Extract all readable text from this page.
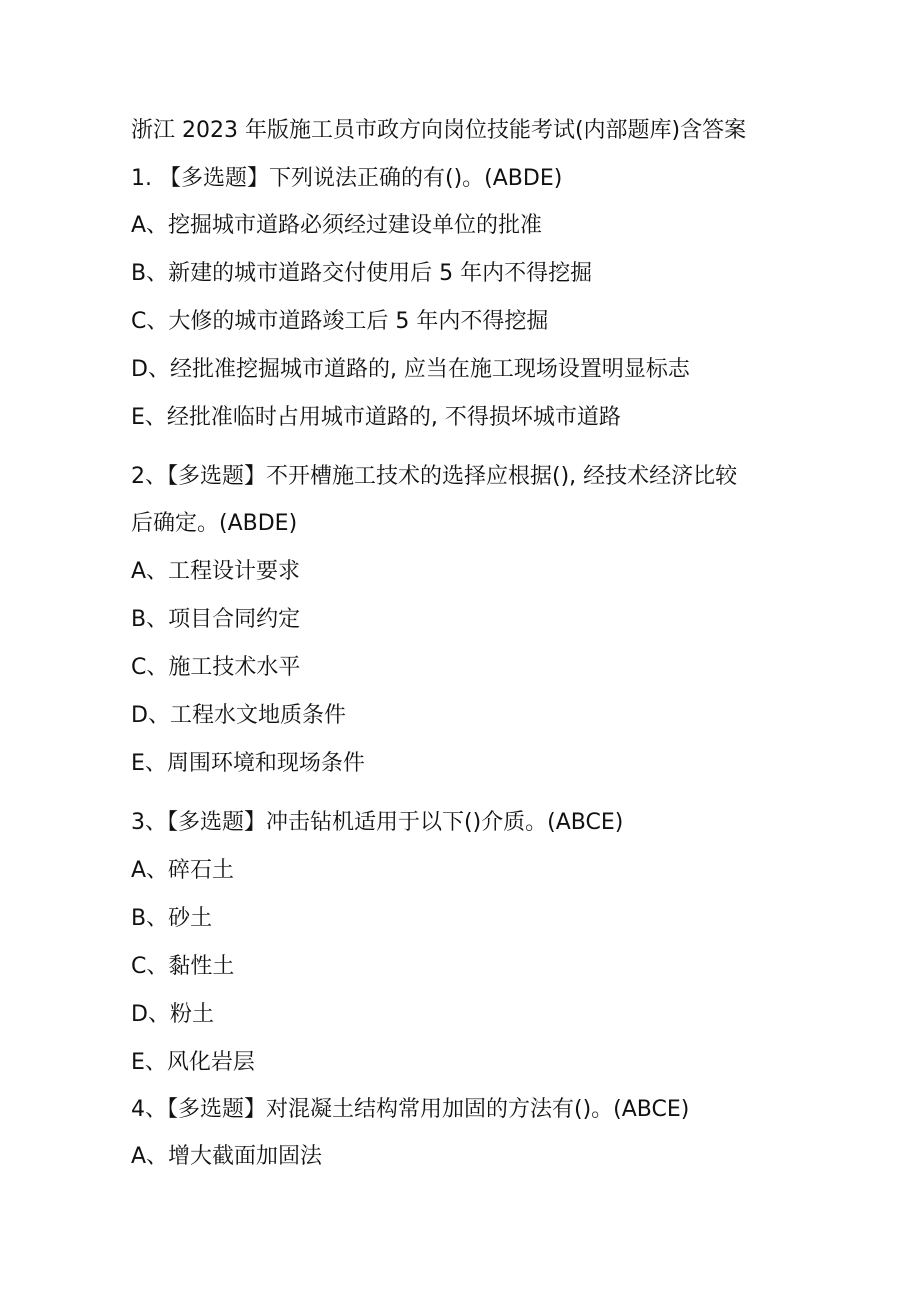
浙江 2023 年版施工员市政方向岗位技能考试(内部题库)含答案
1. 【多选题】下列说法正确的有()。(ABDE)
A、挖掘城市道路必须经过建设单位的批准
B、新建的城市道路交付使用后 5 年内不得挖掘
C、大修的城市道路竣工后 5 年内不得挖掘
D、经批准挖掘城市道路的, 应当在施工现场设置明显标志
E、经批准临时占用城市道路的, 不得损坏城市道路
2、【多选题】不开槽施工技术的选择应根据(), 经技术经济比较
后确定。(ABDE)
A、工程设计要求
B、项目合同约定
C、施工技术水平
D、工程水文地质条件
E、周围环境和现场条件
3、【多选题】冲击钻机适用于以下()介质。(ABCE)
A、碎石土
B、砂土
C、黏性土
D、粉土
E、风化岩层
4、【多选题】对混凝土结构常用加固的方法有()。(ABCE)
A、增大截面加固法
